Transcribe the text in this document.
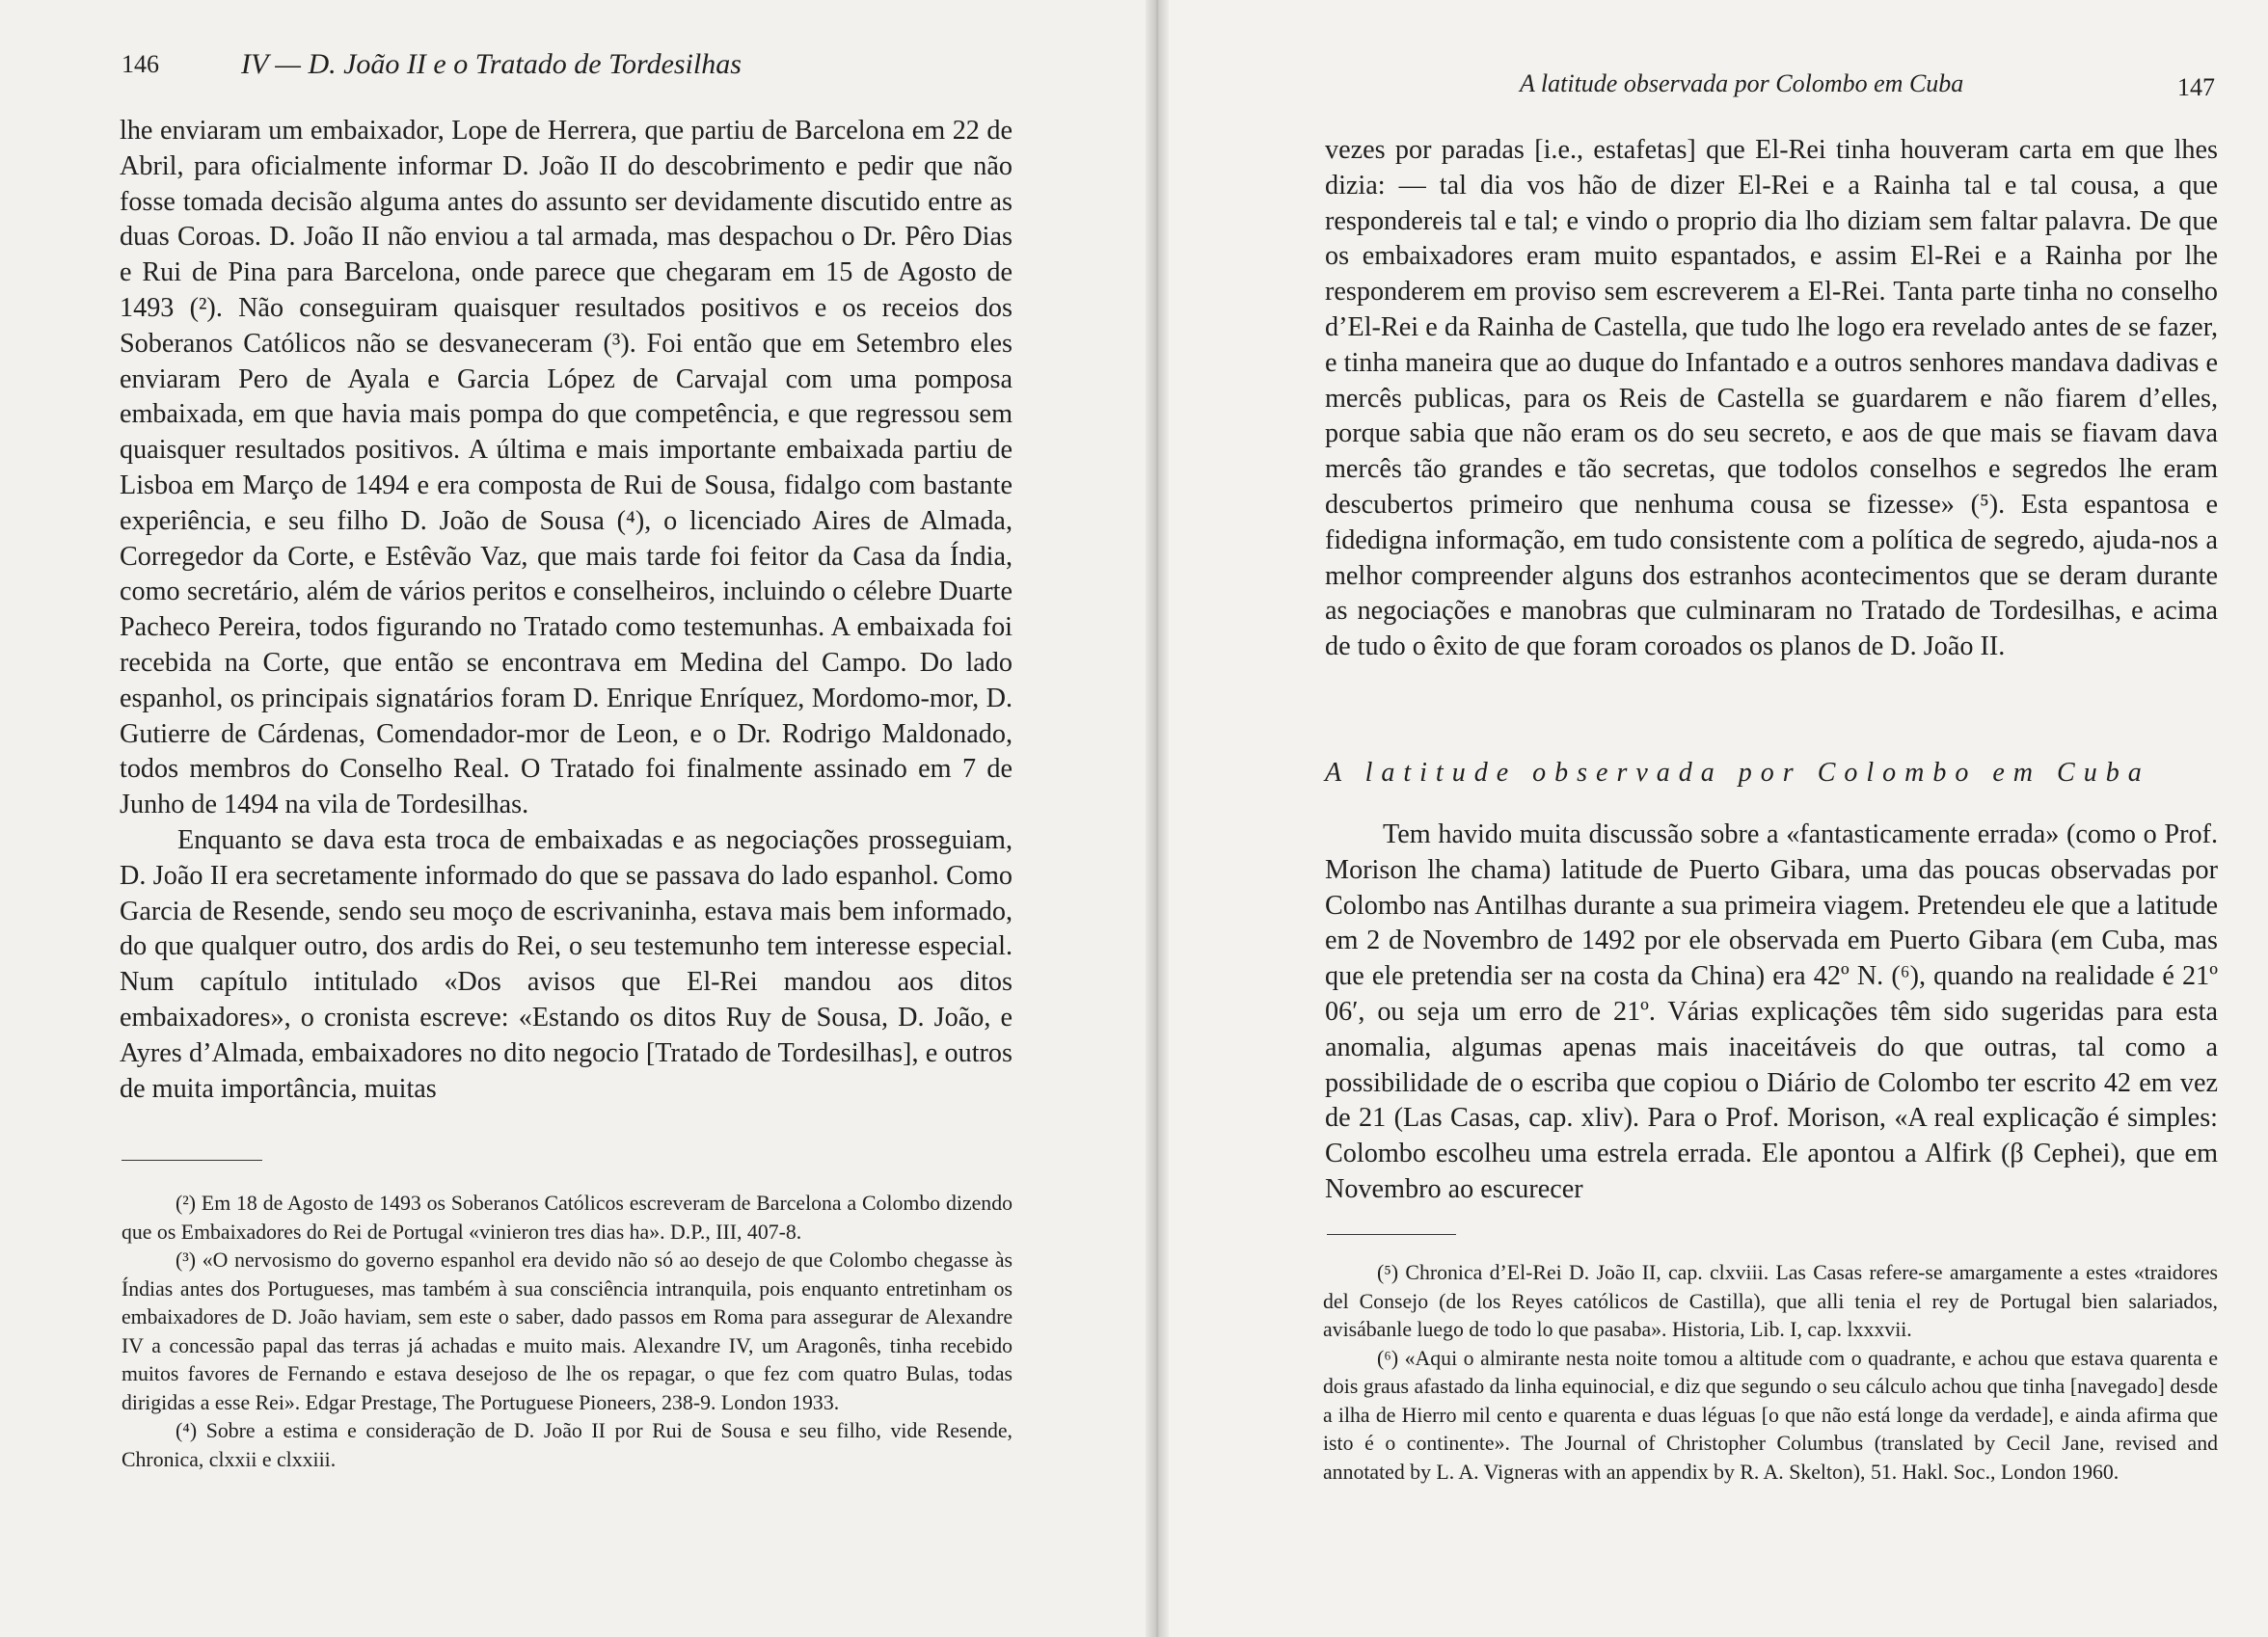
146	IV — D. João II e o Tratado de Tordesilhas

lhe enviaram um embaixador, Lope de Herrera, que partiu de Barcelona em 22 de Abril, para oficialmente informar D. João II do descobrimento e pedir que não fosse tomada decisão alguma antes do assunto ser devidamente discutido entre as duas Coroas. D. João II não enviou a tal armada, mas despachou o Dr. Pêro Dias e Rui de Pina para Barcelona, onde parece que chegaram em 15 de Agosto de 1493 (²). Não conseguiram quaisquer resultados positivos e os receios dos Soberanos Católicos não se desvaneceram (³). Foi então que em Setembro eles enviaram Pero de Ayala e Garcia López de Carvajal com uma pomposa embaixada, em que havia mais pompa do que competência, e que regressou sem quaisquer resultados positivos. A última e mais importante embaixada partiu de Lisboa em Março de 1494 e era composta de Rui de Sousa, fidalgo com bastante experiência, e seu filho D. João de Sousa (⁴), o licenciado Aires de Almada, Corregedor da Corte, e Estêvão Vaz, que mais tarde foi feitor da Casa da Índia, como secretário, além de vários peritos e conselheiros, incluindo o célebre Duarte Pacheco Pereira, todos figurando no Tratado como testemunhas. A embaixada foi recebida na Corte, que então se encontrava em Medina del Campo. Do lado espanhol, os principais signatários foram D. Enrique Enríquez, Mordomo-mor, D. Gutierre de Cárdenas, Comendador-mor de Leon, e o Dr. Rodrigo Maldonado, todos membros do Conselho Real. O Tratado foi finalmente assinado em 7 de Junho de 1494 na vila de Tordesilhas.

Enquanto se dava esta troca de embaixadas e as negociações prosseguiam, D. João II era secretamente informado do que se passava do lado espanhol. Como Garcia de Resende, sendo seu moço de escrivaninha, estava mais bem informado, do que qualquer outro, dos ardis do Rei, o seu testemunho tem interesse especial. Num capítulo intitulado «Dos avisos que El-Rei mandou aos ditos embaixadores», o cronista escreve: «Estando os ditos Ruy de Sousa, D. João, e Ayres d’Almada, embaixadores no dito negocio [Tratado de Tordesilhas], e outros de muita importância, muitas

(²) Em 18 de Agosto de 1493 os Soberanos Católicos escreveram de Barcelona a Colombo dizendo que os Embaixadores do Rei de Portugal «vinieron tres dias ha». D.P., III, 407-8.

(³) «O nervosismo do governo espanhol era devido não só ao desejo de que Colombo chegasse às Índias antes dos Portugueses, mas também à sua consciência intranquila, pois enquanto entretinham os embaixadores de D. João haviam, sem este o saber, dado passos em Roma para assegurar de Alexandre IV a concessão papal das terras já achadas e muito mais. Alexandre IV, um Aragonês, tinha recebido muitos favores de Fernando e estava desejoso de lhe os repagar, o que fez com quatro Bulas, todas dirigidas a esse Rei». Edgar Prestage, The Portuguese Pioneers, 238-9. London 1933.

(⁴) Sobre a estima e consideração de D. João II por Rui de Sousa e seu filho, vide Resende, Chronica, clxxii e clxxiii.

A latitude observada por Colombo em Cuba	147

vezes por paradas [i.e., estafetas] que El-Rei tinha houveram carta em que lhes dizia: — tal dia vos hão de dizer El-Rei e a Rainha tal e tal cousa, a que respondereis tal e tal; e vindo o proprio dia lho diziam sem faltar palavra. De que os embaixadores eram muito espantados, e assim El-Rei e a Rainha por lhe responderem em proviso sem escreverem a El-Rei. Tanta parte tinha no conselho d’El-Rei e da Rainha de Castella, que tudo lhe logo era revelado antes de se fazer, e tinha maneira que ao duque do Infantado e a outros senhores mandava dadivas e mercês publicas, para os Reis de Castella se guardarem e não fiarem d’elles, porque sabia que não eram os do seu secreto, e aos de que mais se fiavam dava mercês tão grandes e tão secretas, que todolos conselhos e segredos lhe eram descubertos primeiro que nenhuma cousa se fizesse» (⁵). Esta espantosa e fidedigna informação, em tudo consistente com a política de segredo, ajuda-nos a melhor compreender alguns dos estranhos acontecimentos que se deram durante as negociações e manobras que culminaram no Tratado de Tordesilhas, e acima de tudo o êxito de que foram coroados os planos de D. João II.

A latitude observada por Colombo em Cuba

Tem havido muita discussão sobre a «fantasticamente errada» (como o Prof. Morison lhe chama) latitude de Puerto Gibara, uma das poucas observadas por Colombo nas Antilhas durante a sua primeira viagem. Pretendeu ele que a latitude em 2 de Novembro de 1492 por ele observada em Puerto Gibara (em Cuba, mas que ele pretendia ser na costa da China) era 42º N. (⁶), quando na realidade é 21º 06′, ou seja um erro de 21º. Várias explicações têm sido sugeridas para esta anomalia, algumas apenas mais inaceitáveis do que outras, tal como a possibilidade de o escriba que copiou o Diário de Colombo ter escrito 42 em vez de 21 (Las Casas, cap. xliv). Para o Prof. Morison, «A real explicação é simples: Colombo escolheu uma estrela errada. Ele apontou a Alfirk (β Cephei), que em Novembro ao escurecer

(⁵) Chronica d’El-Rei D. João II, cap. clxviii. Las Casas refere-se amargamente a estes «traidores del Consejo (de los Reyes católicos de Castilla), que alli tenia el rey de Portugal bien salariados, avisábanle luego de todo lo que pasaba». Historia, Lib. I, cap. lxxxvii.

(⁶) «Aqui o almirante nesta noite tomou a altitude com o quadrante, e achou que estava quarenta e dois graus afastado da linha equinocial, e diz que segundo o seu cálculo achou que tinha [navegado] desde a ilha de Hierro mil cento e quarenta e duas léguas [o que não está longe da verdade], e ainda afirma que isto é o continente». The Journal of Christopher Columbus (translated by Cecil Jane, revised and annotated by L. A. Vigneras with an appendix by R. A. Skelton), 51. Hakl. Soc., London 1960.
